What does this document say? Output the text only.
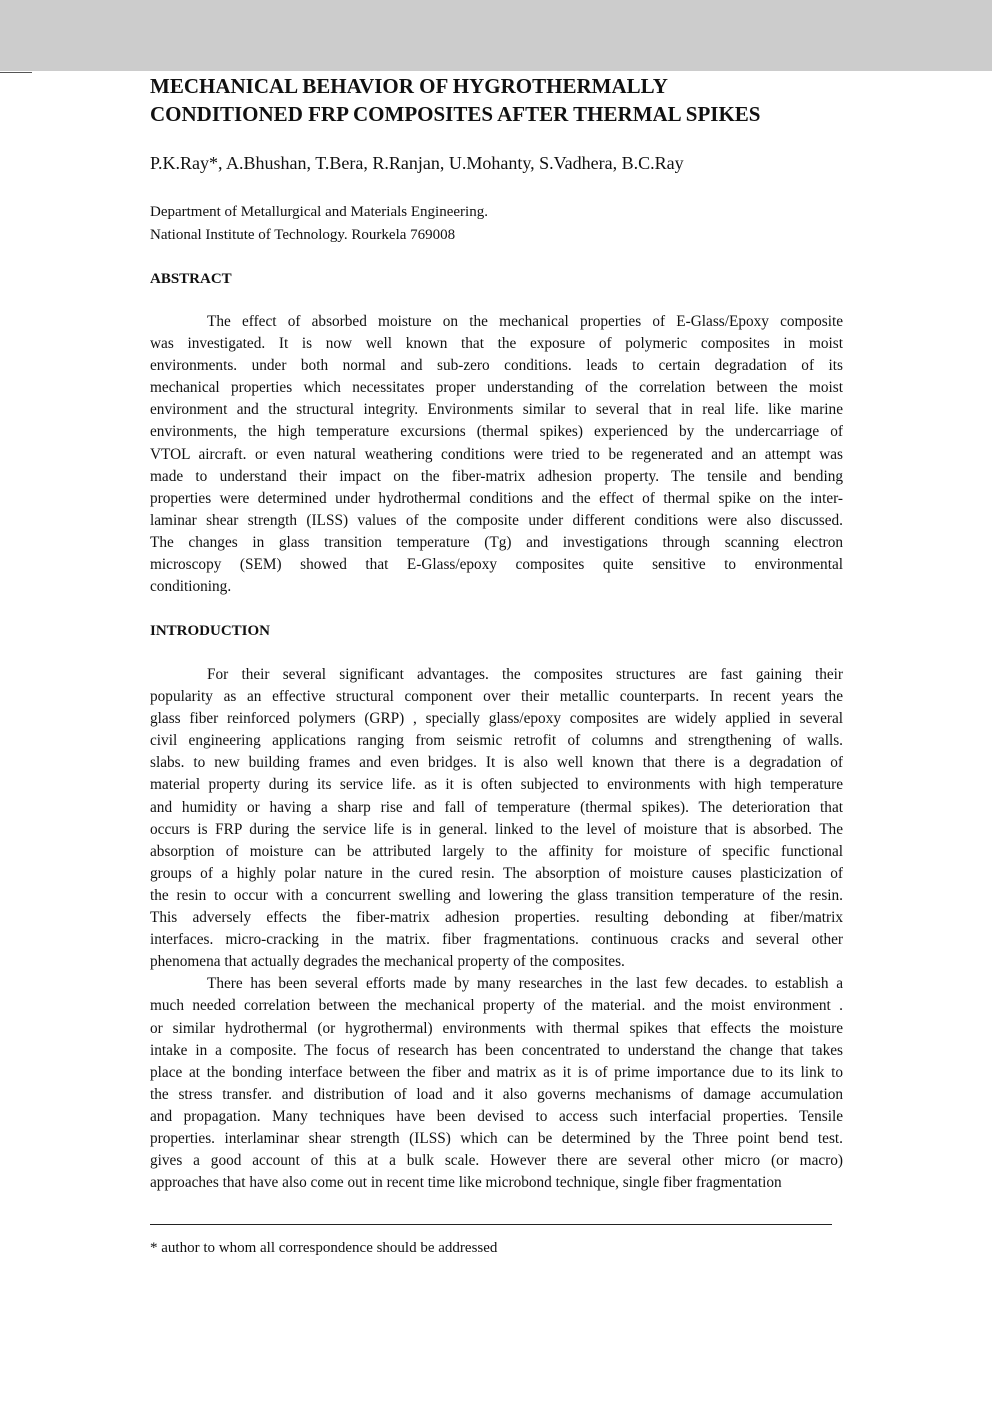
MECHANICAL BEHAVIOR OF HYGROTHERMALLY
CONDITIONED FRP COMPOSITES AFTER THERMAL SPIKES
P.K.Ray*, A.Bhushan, T.Bera, R.Ranjan, U.Mohanty, S.Vadhera, B.C.Ray
Department of Metallurgical and Materials Engineering.
National Institute of Technology. Rourkela 769008
ABSTRACT
The effect of absorbed moisture on the mechanical properties of E-Glass/Epoxy composite
was investigated. It is now well known that the exposure of polymeric composites in moist
environments. under both normal and sub-zero conditions. leads to certain degradation of its
mechanical properties which necessitates proper understanding of the correlation between the moist
environment and the structural integrity. Environments similar to several that in real life. like marine
environments, the high temperature excursions (thermal spikes) experienced by the undercarriage of
VTOL aircraft. or even natural weathering conditions were tried to be regenerated and an attempt was
made to understand their impact on the fiber-matrix adhesion property. The tensile and bending
properties were determined under hydrothermal conditions and the effect of thermal spike on the inter-
laminar shear strength (ILSS) values of the composite under different conditions were also discussed.
The changes in glass transition temperature (Tg) and investigations through scanning electron
microscopy (SEM) showed that E-Glass/epoxy composites quite sensitive to environmental
conditioning.
INTRODUCTION
For their several significant advantages. the composites structures are fast gaining their
popularity as an effective structural component over their metallic counterparts. In recent years the
glass fiber reinforced polymers (GRP) , specially glass/epoxy composites are widely applied in several
civil engineering applications ranging from seismic retrofit of columns and strengthening of walls.
slabs. to new building frames and even bridges. It is also well known that there is a degradation of
material property during its service life. as it is often subjected to environments with high temperature
and humidity or having a sharp rise and fall of temperature (thermal spikes). The deterioration that
occurs is FRP during the service life is in general. linked to the level of moisture that is absorbed. The
absorption of moisture can be attributed largely to the affinity for moisture of specific functional
groups of a highly polar nature in the cured resin. The absorption of moisture causes plasticization of
the resin to occur with a concurrent swelling and lowering the glass transition temperature of the resin.
This adversely effects the fiber-matrix adhesion properties. resulting debonding at fiber/matrix
interfaces. micro-cracking in the matrix. fiber fragmentations. continuous cracks and several other
phenomena that actually degrades the mechanical property of the composites.
There has been several efforts made by many researches in the last few decades. to establish a
much needed correlation between the mechanical property of the material. and the moist environment .
or similar hydrothermal (or hygrothermal) environments with thermal spikes that effects the moisture
intake in a composite. The focus of research has been concentrated to understand the change that takes
place at the bonding interface between the fiber and matrix as it is of prime importance due to its link to
the stress transfer. and distribution of load and it also governs mechanisms of damage accumulation
and propagation. Many techniques have been devised to access such interfacial properties. Tensile
properties. interlaminar shear strength (ILSS) which can be determined by the Three point bend test.
gives a good account of this at a bulk scale. However there are several other micro (or macro)
approaches that have also come out in recent time like microbond technique, single fiber fragmentation
* author to whom all correspondence should be addressed
